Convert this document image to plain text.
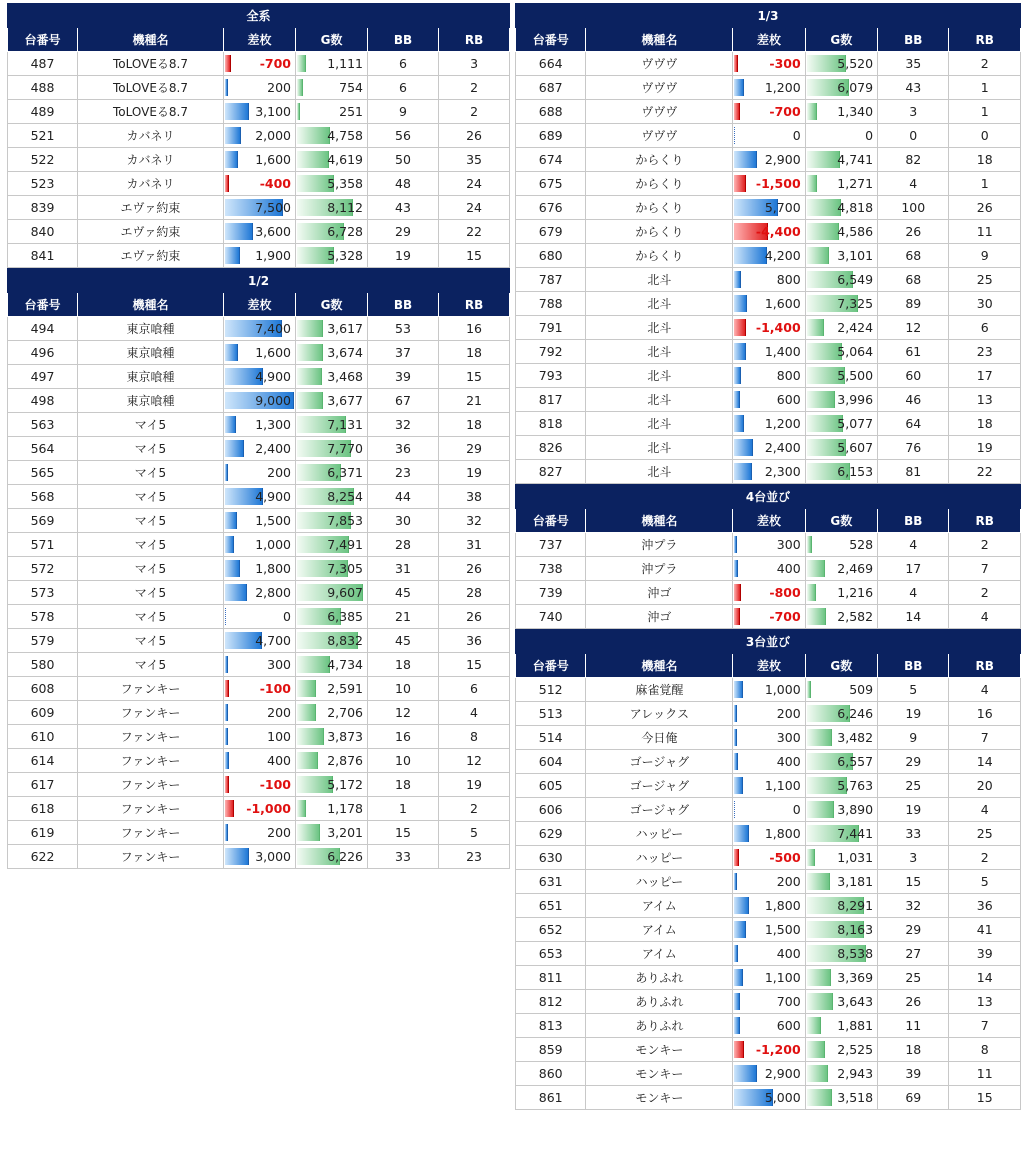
全系					
台番号	機種名	差枚	G数	BB	RB
487	ToLOVEる8.7	-700	1,111	6	3
488	ToLOVEる8.7	200	754	6	2
489	ToLOVEる8.7	3,100	251	9	2
521	カバネリ	2,000	4,758	56	26
522	カバネリ	1,600	4,619	50	35
523	カバネリ	-400	5,358	48	24
839	エヴァ約束	7,500	8,112	43	24
840	エヴァ約束	3,600	6,728	29	22
841	エヴァ約束	1,900	5,328	19	15
1/2					
台番号	機種名	差枚	G数	BB	RB
494	東京喰種	7,400	3,617	53	16
496	東京喰種	1,600	3,674	37	18
497	東京喰種	4,900	3,468	39	15
498	東京喰種	9,000	3,677	67	21
563	マイ5	1,300	7,131	32	18
564	マイ5	2,400	7,770	36	29
565	マイ5	200	6,371	23	19
568	マイ5	4,900	8,254	44	38
569	マイ5	1,500	7,853	30	32
571	マイ5	1,000	7,491	28	31
572	マイ5	1,800	7,305	31	26
573	マイ5	2,800	9,607	45	28
578	マイ5	0	6,385	21	26
579	マイ5	4,700	8,832	45	36
580	マイ5	300	4,734	18	15
608	ファンキー	-100	2,591	10	6
609	ファンキー	200	2,706	12	4
610	ファンキー	100	3,873	16	8
614	ファンキー	400	2,876	10	12
617	ファンキー	-100	5,172	18	19
618	ファンキー	-1,000	1,178	1	2
619	ファンキー	200	3,201	15	5
622	ファンキー	3,000	6,226	33	23
1/3					
台番号	機種名	差枚	G数	BB	RB
664	ヴヴヴ	-300	5,520	35	2
687	ヴヴヴ	1,200	6,079	43	1
688	ヴヴヴ	-700	1,340	3	1
689	ヴヴヴ	0	0	0	0
674	からくり	2,900	4,741	82	18
675	からくり	-1,500	1,271	4	1
676	からくり	5,700	4,818	100	26
679	からくり	-4,400	4,586	26	11
680	からくり	4,200	3,101	68	9
787	北斗	800	6,549	68	25
788	北斗	1,600	7,325	89	30
791	北斗	-1,400	2,424	12	6
792	北斗	1,400	5,064	61	23
793	北斗	800	5,500	60	17
817	北斗	600	3,996	46	13
818	北斗	1,200	5,077	64	18
826	北斗	2,400	5,607	76	19
827	北斗	2,300	6,153	81	22
4台並び					
台番号	機種名	差枚	G数	BB	RB
737	沖プラ	300	528	4	2
738	沖プラ	400	2,469	17	7
739	沖ゴ	-800	1,216	4	2
740	沖ゴ	-700	2,582	14	4
3台並び					
台番号	機種名	差枚	G数	BB	RB
512	麻雀覚醒	1,000	509	5	4
513	アレックス	200	6,246	19	16
514	今日俺	300	3,482	9	7
604	ゴージャグ	400	6,557	29	14
605	ゴージャグ	1,100	5,763	25	20
606	ゴージャグ	0	3,890	19	4
629	ハッピー	1,800	7,441	33	25
630	ハッピー	-500	1,031	3	2
631	ハッピー	200	3,181	15	5
651	アイム	1,800	8,291	32	36
652	アイム	1,500	8,163	29	41
653	アイム	400	8,538	27	39
811	ありふれ	1,100	3,369	25	14
812	ありふれ	700	3,643	26	13
813	ありふれ	600	1,881	11	7
859	モンキー	-1,200	2,525	18	8
860	モンキー	2,900	2,943	39	11
861	モンキー	5,000	3,518	69	15
